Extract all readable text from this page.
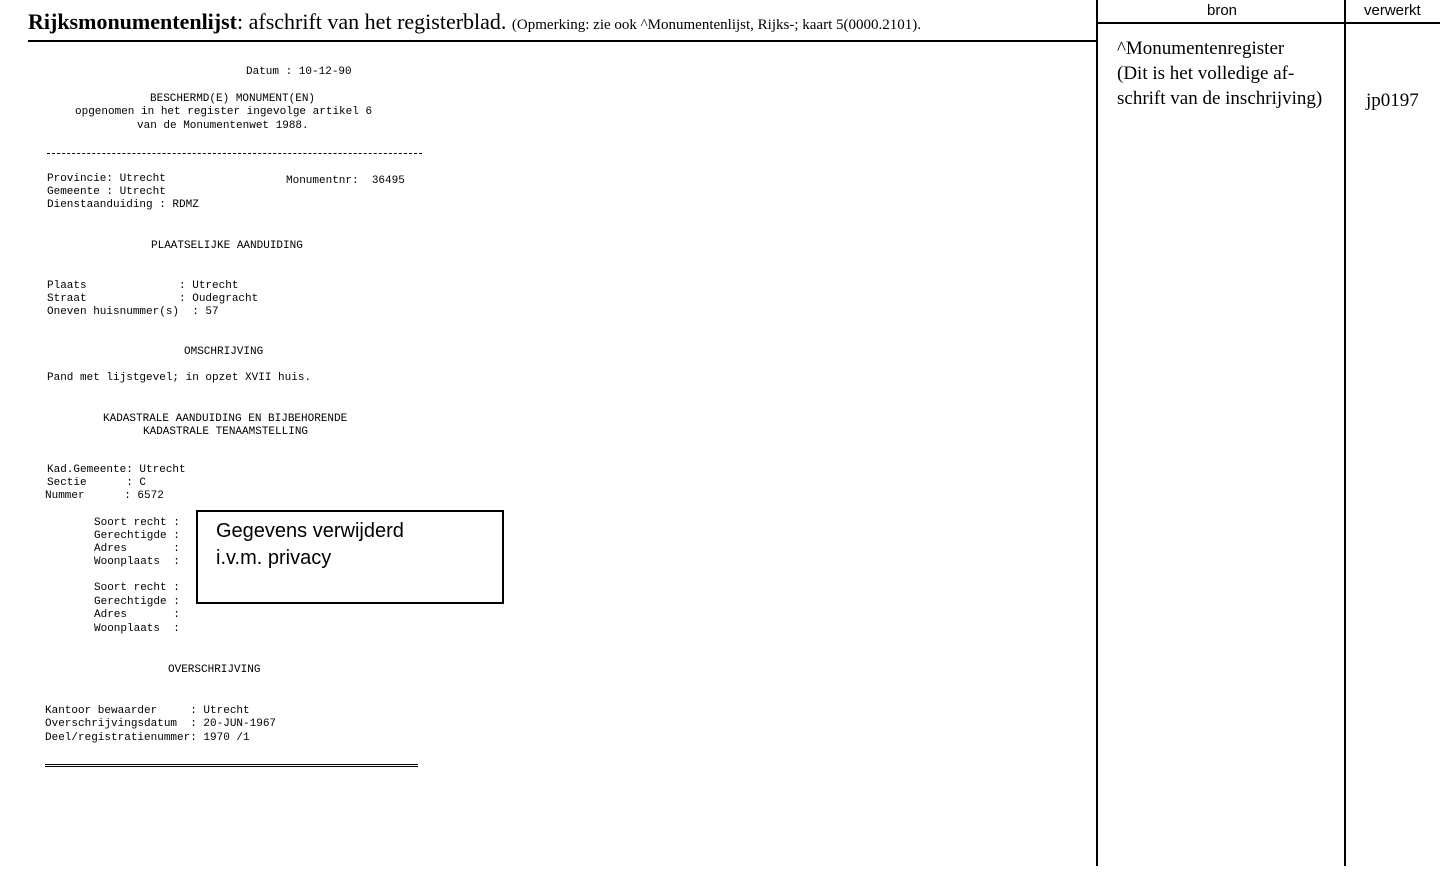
Rijksmonumentenlijst: afschrift van het registerblad. (Opmerking: zie ook ^Monumentenlijst, Rijks-; kaart 5(0000.2101).
bron	verwerkt
^Monumentenregister
(Dit is het volledige af-
schrift van de inschrijving) jp0197
Datum : 10-12-90
BESCHERMD(E) MONUMENT(EN)
opgenomen in het register ingevolge artikel 6
van de Monumentenwet 1988.
Provincie: Utrecht	Monumentnr:  36495
Gemeente : Utrecht
Dienstaanduiding : RDMZ
PLAATSELIJKE AANDUIDING
Plaats              : Utrecht
Straat              : Oudegracht
Oneven huisnummer(s)  : 57
OMSCHRIJVING
Pand met lijstgevel; in opzet XVII huis.
KADASTRALE AANDUIDING EN BIJBEHORENDE
KADASTRALE TENAAMSTELLING
Kad.Gemeente: Utrecht
Sectie      : C
Nummer      : 6572
Soort recht :
Gerechtigde :
Adres       :
Woonplaats  :
Soort recht :
Gerechtigde :
Adres       :
Woonplaats  :
Gegevens verwijderd
i.v.m. privacy
OVERSCHRIJVING
Kantoor bewaarder     : Utrecht
Overschrijvingsdatum  : 20-JUN-1967
Deel/registratienummer: 1970 /1
